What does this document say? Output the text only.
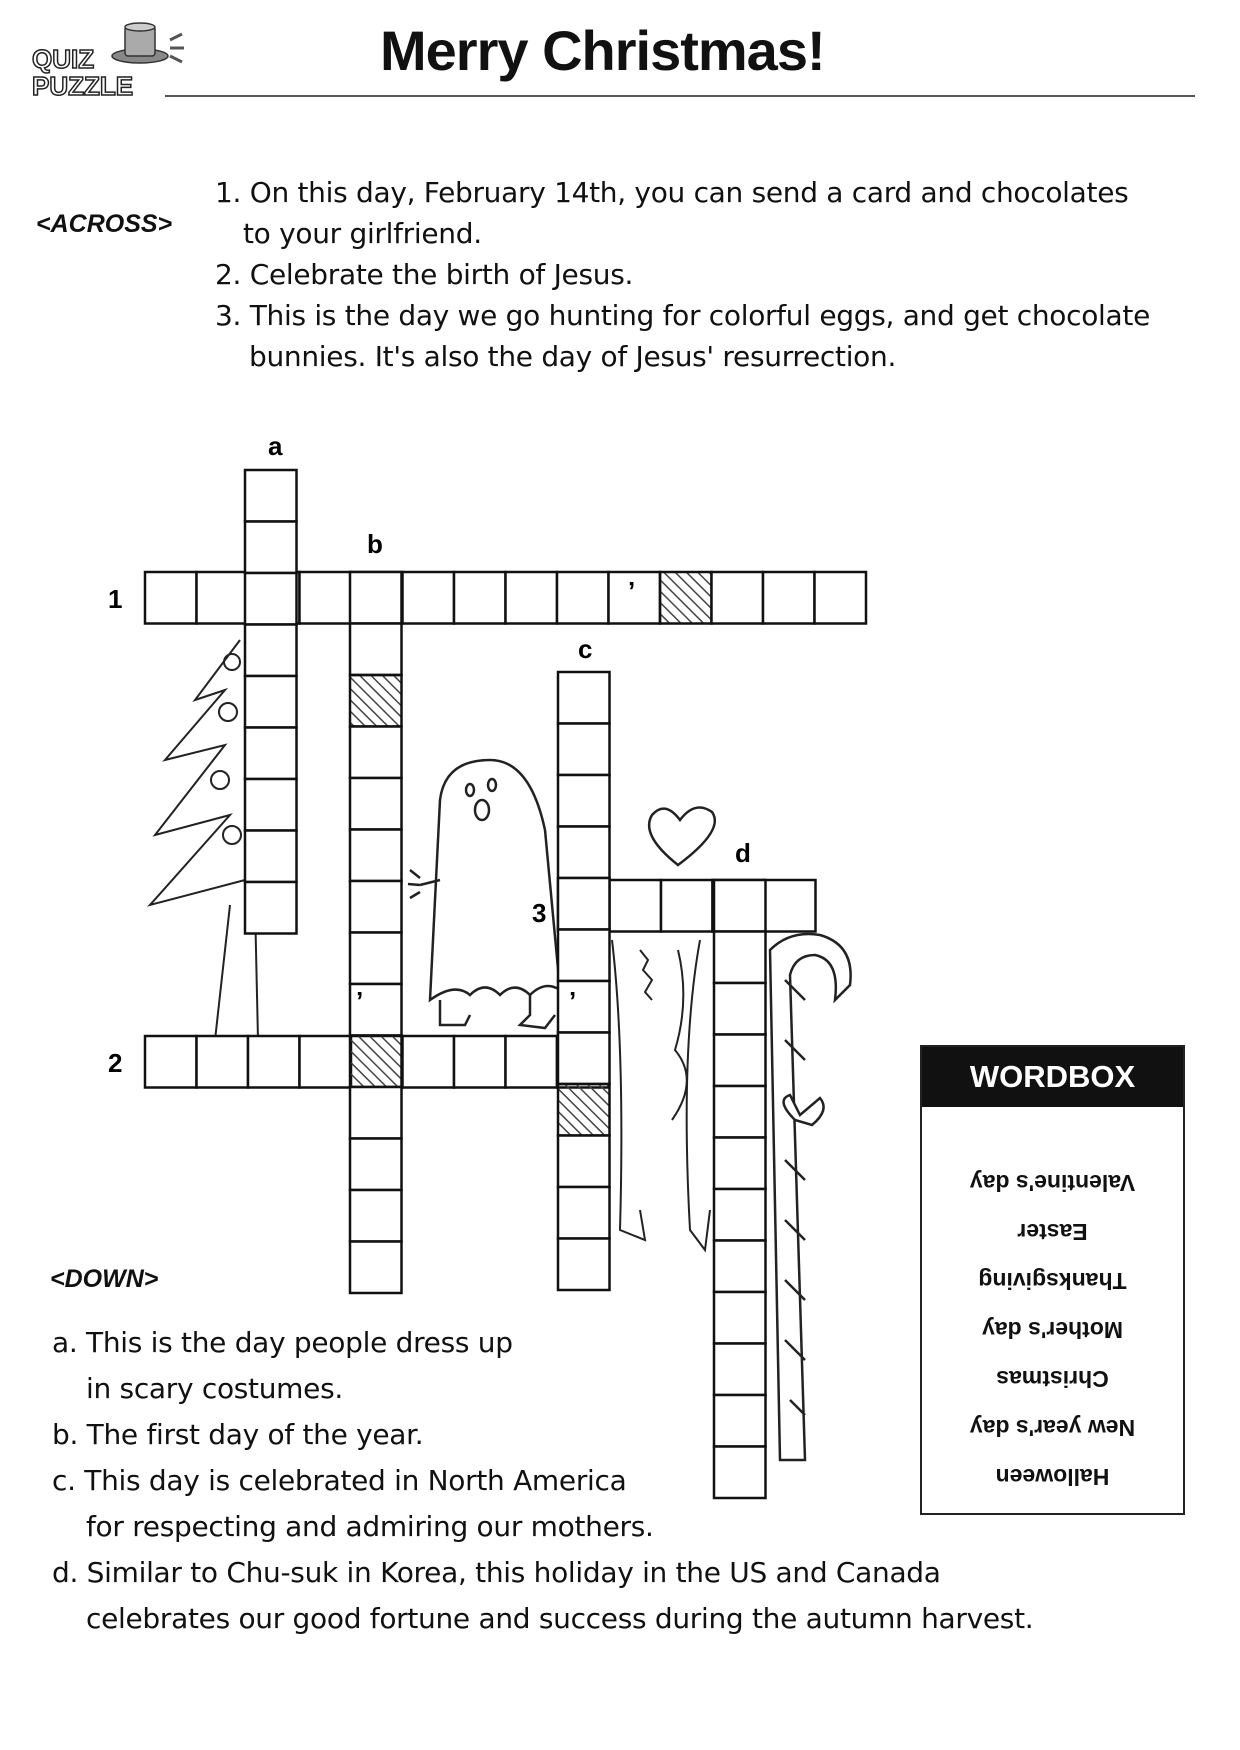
QUIZ
PUZZLE
Merry Christmas!
<ACROSS>
1. On this day, February 14th, you can send a card and chocolates
to your girlfriend.
2. Celebrate the birth of Jesus.
3. This is the day we go hunting for colorful eggs, and get chocolate
bunnies. It's also the day of Jesus' resurrection.
a
b
c
d
1
2
3
’
’	’
<DOWN>
a. This is the day people dress up
in scary costumes.
b. The first day of the year.
c. This day is celebrated in North America
for respecting and admiring our mothers.
d. Similar to Chu-suk in Korea, this holiday in the US and Canada
celebrates our good fortune and success during the autumn harvest.
WORDBOX
Halloween
New year's day
Christmas
Mother's day
Thanksgiving
Easter
Valentine's day
